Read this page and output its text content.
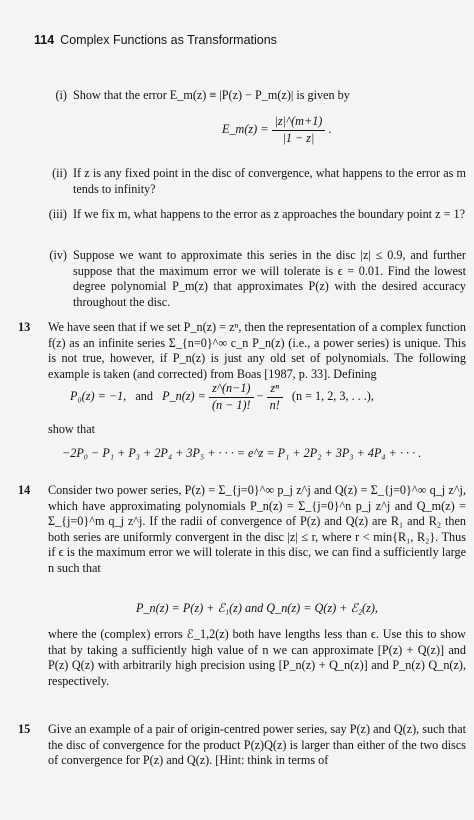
114 Complex Functions as Transformations
(i) Show that the error E_m(z) ≡ |P(z) − P_m(z)| is given by

E_m(z) = $\frac{|z|\^{}(m+1)}{|1 - z|}$ .
(ii) If z is any fixed point in the disc of convergence, what happens to the error as m tends to infinity?

(iii) If we fix m, what happens to the error as z approaches the boundary point z = 1?

(iv) Suppose we want to approximate this series in the disc |z| ≤ 0.9, and further suppose that the maximum error we will tolerate is ϵ = 0.01. Find the lowest degree polynomial P_m(z) that approximates P(z) with the desired accuracy throughout the disc.

13 We have seen that if we set P_n(z) = zⁿ, then the representation of a complex function f(z) as an infinite series Σ_{n=0}^∞ c_n P_n(z) (i.e., a power series) is unique. This is not true, however, if P_n(z) is just any old set of polynomials. The following example is taken (and corrected) from Boas [1987, p. 33]. Defining

P₀(z) = −1, and P_n(z) = $\frac{z\^{}(n-1)}{(n - 1)!} - \frac{\text{zⁿ}}{n!} (n = 1$, 2, 3, . . .),

show that

−2P₀ − P₁ + P₃ + 2P₄ + 3P₅ + · · · = e^z = P₁ + 2P₂ + 3P₃ + 4P₄ + · · · .
14 Consider two power series, P(z) = Σ_{j=0}^∞ p_j z^j and Q(z) = Σ_{j=0}^∞ q_j z^j, which have approximating polynomials P_n(z) = Σ_{j=0}^n p_j z^j and Q_m(z) = Σ_{j=0}^m q_j z^j. If the radii of convergence of P(z) and Q(z) are R₁ and R₂ then both series are uniformly convergent in the disc |z| ≤ r, where r < min{R₁, R₂}. Thus if ϵ is the maximum error we will tolerate in this disc, we can find a sufficiently large n such that

P_n(z) = P(z) + ℰ₁(z) and Q_n(z) = Q(z) + ℰ₂(z),

where the (complex) errors ℰ_1,2(z) both have lengths less than ϵ. Use this to show that by taking a sufficiently high value of n we can approximate [P(z) + Q(z)] and P(z) Q(z) with arbitrarily high precision using [P_n(z) + Q_n(z)] and P_n(z) Q_n(z), respectively.

15 Give an example of a pair of origin-centred power series, say P(z) and Q(z), such that the disc of convergence for the product P(z)Q(z) is larger than either of the two discs of convergence for P(z) and Q(z). [Hint: think in terms of
